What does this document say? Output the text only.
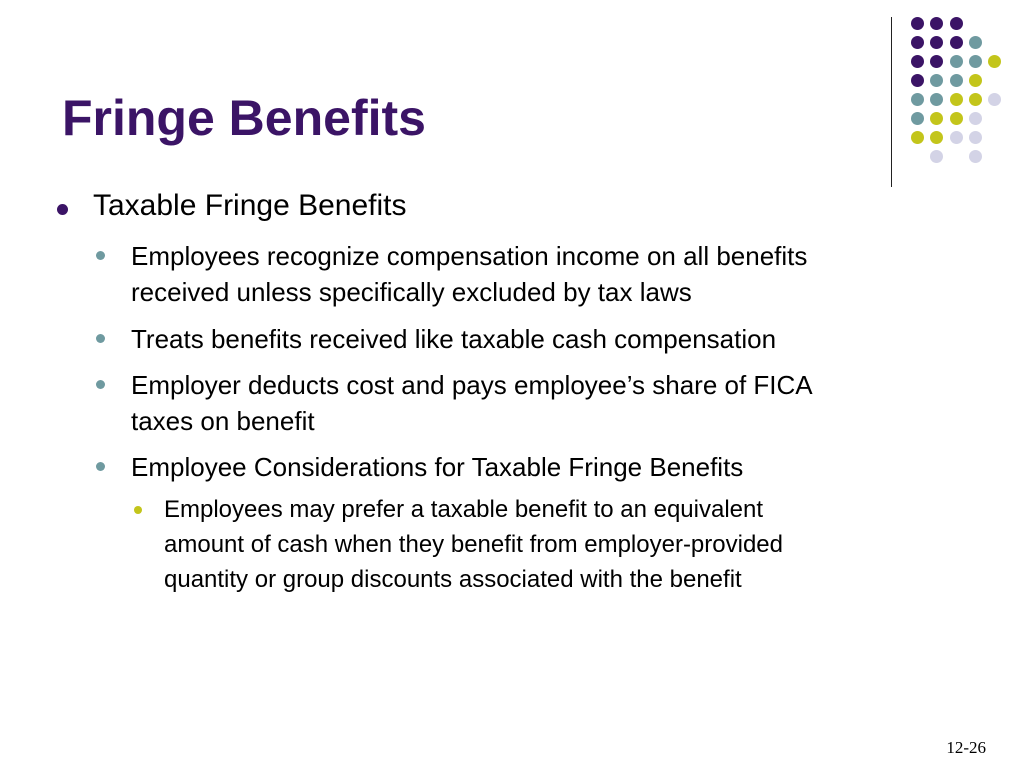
Fringe Benefits
Taxable Fringe Benefits
Employees recognize compensation income on all benefits
received unless specifically excluded by tax laws
Treats benefits received like taxable cash compensation
Employer deducts cost and pays employee’s share of FICA
taxes on benefit
Employee Considerations for Taxable Fringe Benefits
Employees may prefer a taxable benefit to an equivalent
amount of cash when they benefit from employer-provided
quantity or group discounts associated with the benefit
12-26
